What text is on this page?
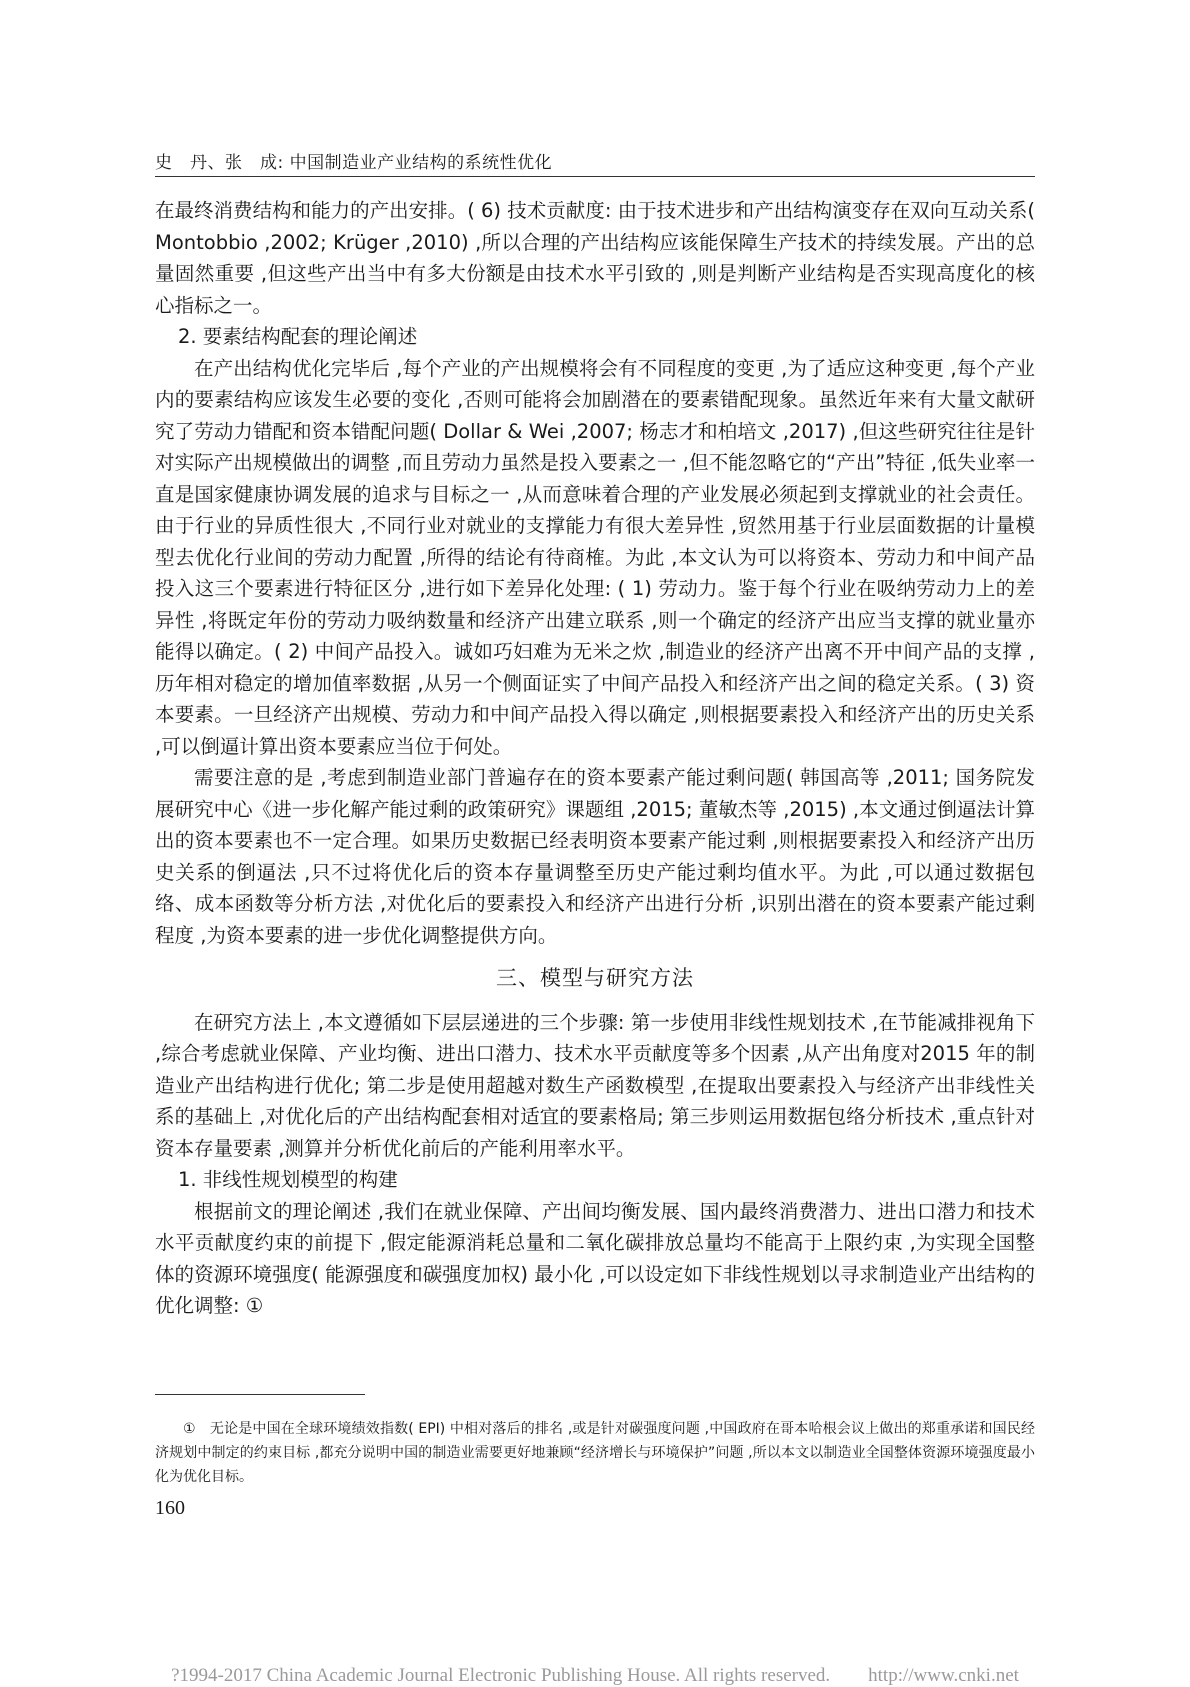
史　丹、张　成: 中国制造业产业结构的系统性优化

在最终消费结构和能力的产出安排。( 6) 技术贡献度: 由于技术进步和产出结构演变存在双向互动关系( Montobbio ,2002; Krüger ,2010) ,所以合理的产出结构应该能保障生产技术的持续发展。产出的总量固然重要 ,但这些产出当中有多大份额是由技术水平引致的 ,则是判断产业结构是否实现高度化的核心指标之一。

2. 要素结构配套的理论阐述

在产出结构优化完毕后 ,每个产业的产出规模将会有不同程度的变更 ,为了适应这种变更 ,每个产业内的要素结构应该发生必要的变化 ,否则可能将会加剧潜在的要素错配现象。虽然近年来有大量文献研究了劳动力错配和资本错配问题( Dollar & Wei ,2007; 杨志才和柏培文 ,2017) ,但这些研究往往是针对实际产出规模做出的调整 ,而且劳动力虽然是投入要素之一 ,但不能忽略它的“产出”特征 ,低失业率一直是国家健康协调发展的追求与目标之一 ,从而意味着合理的产业发展必须起到支撑就业的社会责任。由于行业的异质性很大 ,不同行业对就业的支撑能力有很大差异性 ,贸然用基于行业层面数据的计量模型去优化行业间的劳动力配置 ,所得的结论有待商榷。为此 ,本文认为可以将资本、劳动力和中间产品投入这三个要素进行特征区分 ,进行如下差异化处理: ( 1) 劳动力。鉴于每个行业在吸纳劳动力上的差异性 ,将既定年份的劳动力吸纳数量和经济产出建立联系 ,则一个确定的经济产出应当支撑的就业量亦能得以确定。( 2) 中间产品投入。诚如巧妇难为无米之炊 ,制造业的经济产出离不开中间产品的支撑 ,历年相对稳定的增加值率数据 ,从另一个侧面证实了中间产品投入和经济产出之间的稳定关系。( 3) 资本要素。一旦经济产出规模、劳动力和中间产品投入得以确定 ,则根据要素投入和经济产出的历史关系 ,可以倒逼计算出资本要素应当位于何处。

需要注意的是 ,考虑到制造业部门普遍存在的资本要素产能过剩问题( 韩国高等 ,2011; 国务院发展研究中心《进一步化解产能过剩的政策研究》课题组 ,2015; 董敏杰等 ,2015) ,本文通过倒逼法计算出的资本要素也不一定合理。如果历史数据已经表明资本要素产能过剩 ,则根据要素投入和经济产出历史关系的倒逼法 ,只不过将优化后的资本存量调整至历史产能过剩均值水平。为此 ,可以通过数据包络、成本函数等分析方法 ,对优化后的要素投入和经济产出进行分析 ,识别出潜在的资本要素产能过剩程度 ,为资本要素的进一步优化调整提供方向。

三、模型与研究方法

在研究方法上 ,本文遵循如下层层递进的三个步骤: 第一步使用非线性规划技术 ,在节能减排视角下 ,综合考虑就业保障、产业均衡、进出口潜力、技术水平贡献度等多个因素 ,从产出角度对2015 年的制造业产出结构进行优化; 第二步是使用超越对数生产函数模型 ,在提取出要素投入与经济产出非线性关系的基础上 ,对优化后的产出结构配套相对适宜的要素格局; 第三步则运用数据包络分析技术 ,重点针对资本存量要素 ,测算并分析优化前后的产能利用率水平。

1. 非线性规划模型的构建

根据前文的理论阐述 ,我们在就业保障、产出间均衡发展、国内最终消费潜力、进出口潜力和技术水平贡献度约束的前提下 ,假定能源消耗总量和二氧化碳排放总量均不能高于上限约束 ,为实现全国整体的资源环境强度( 能源强度和碳强度加权) 最小化 ,可以设定如下非线性规划以寻求制造业产出结构的优化调整: ①

①　无论是中国在全球环境绩效指数( EPI) 中相对落后的排名 ,或是针对碳强度问题 ,中国政府在哥本哈根会议上做出的郑重承诺和国民经济规划中制定的约束目标 ,都充分说明中国的制造业需要更好地兼顾“经济增长与环境保护”问题 ,所以本文以制造业全国整体资源环境强度最小化为优化目标。

160
?1994-2017 China Academic Journal Electronic Publishing House. All rights reserved.　　http://www.cnki.net
